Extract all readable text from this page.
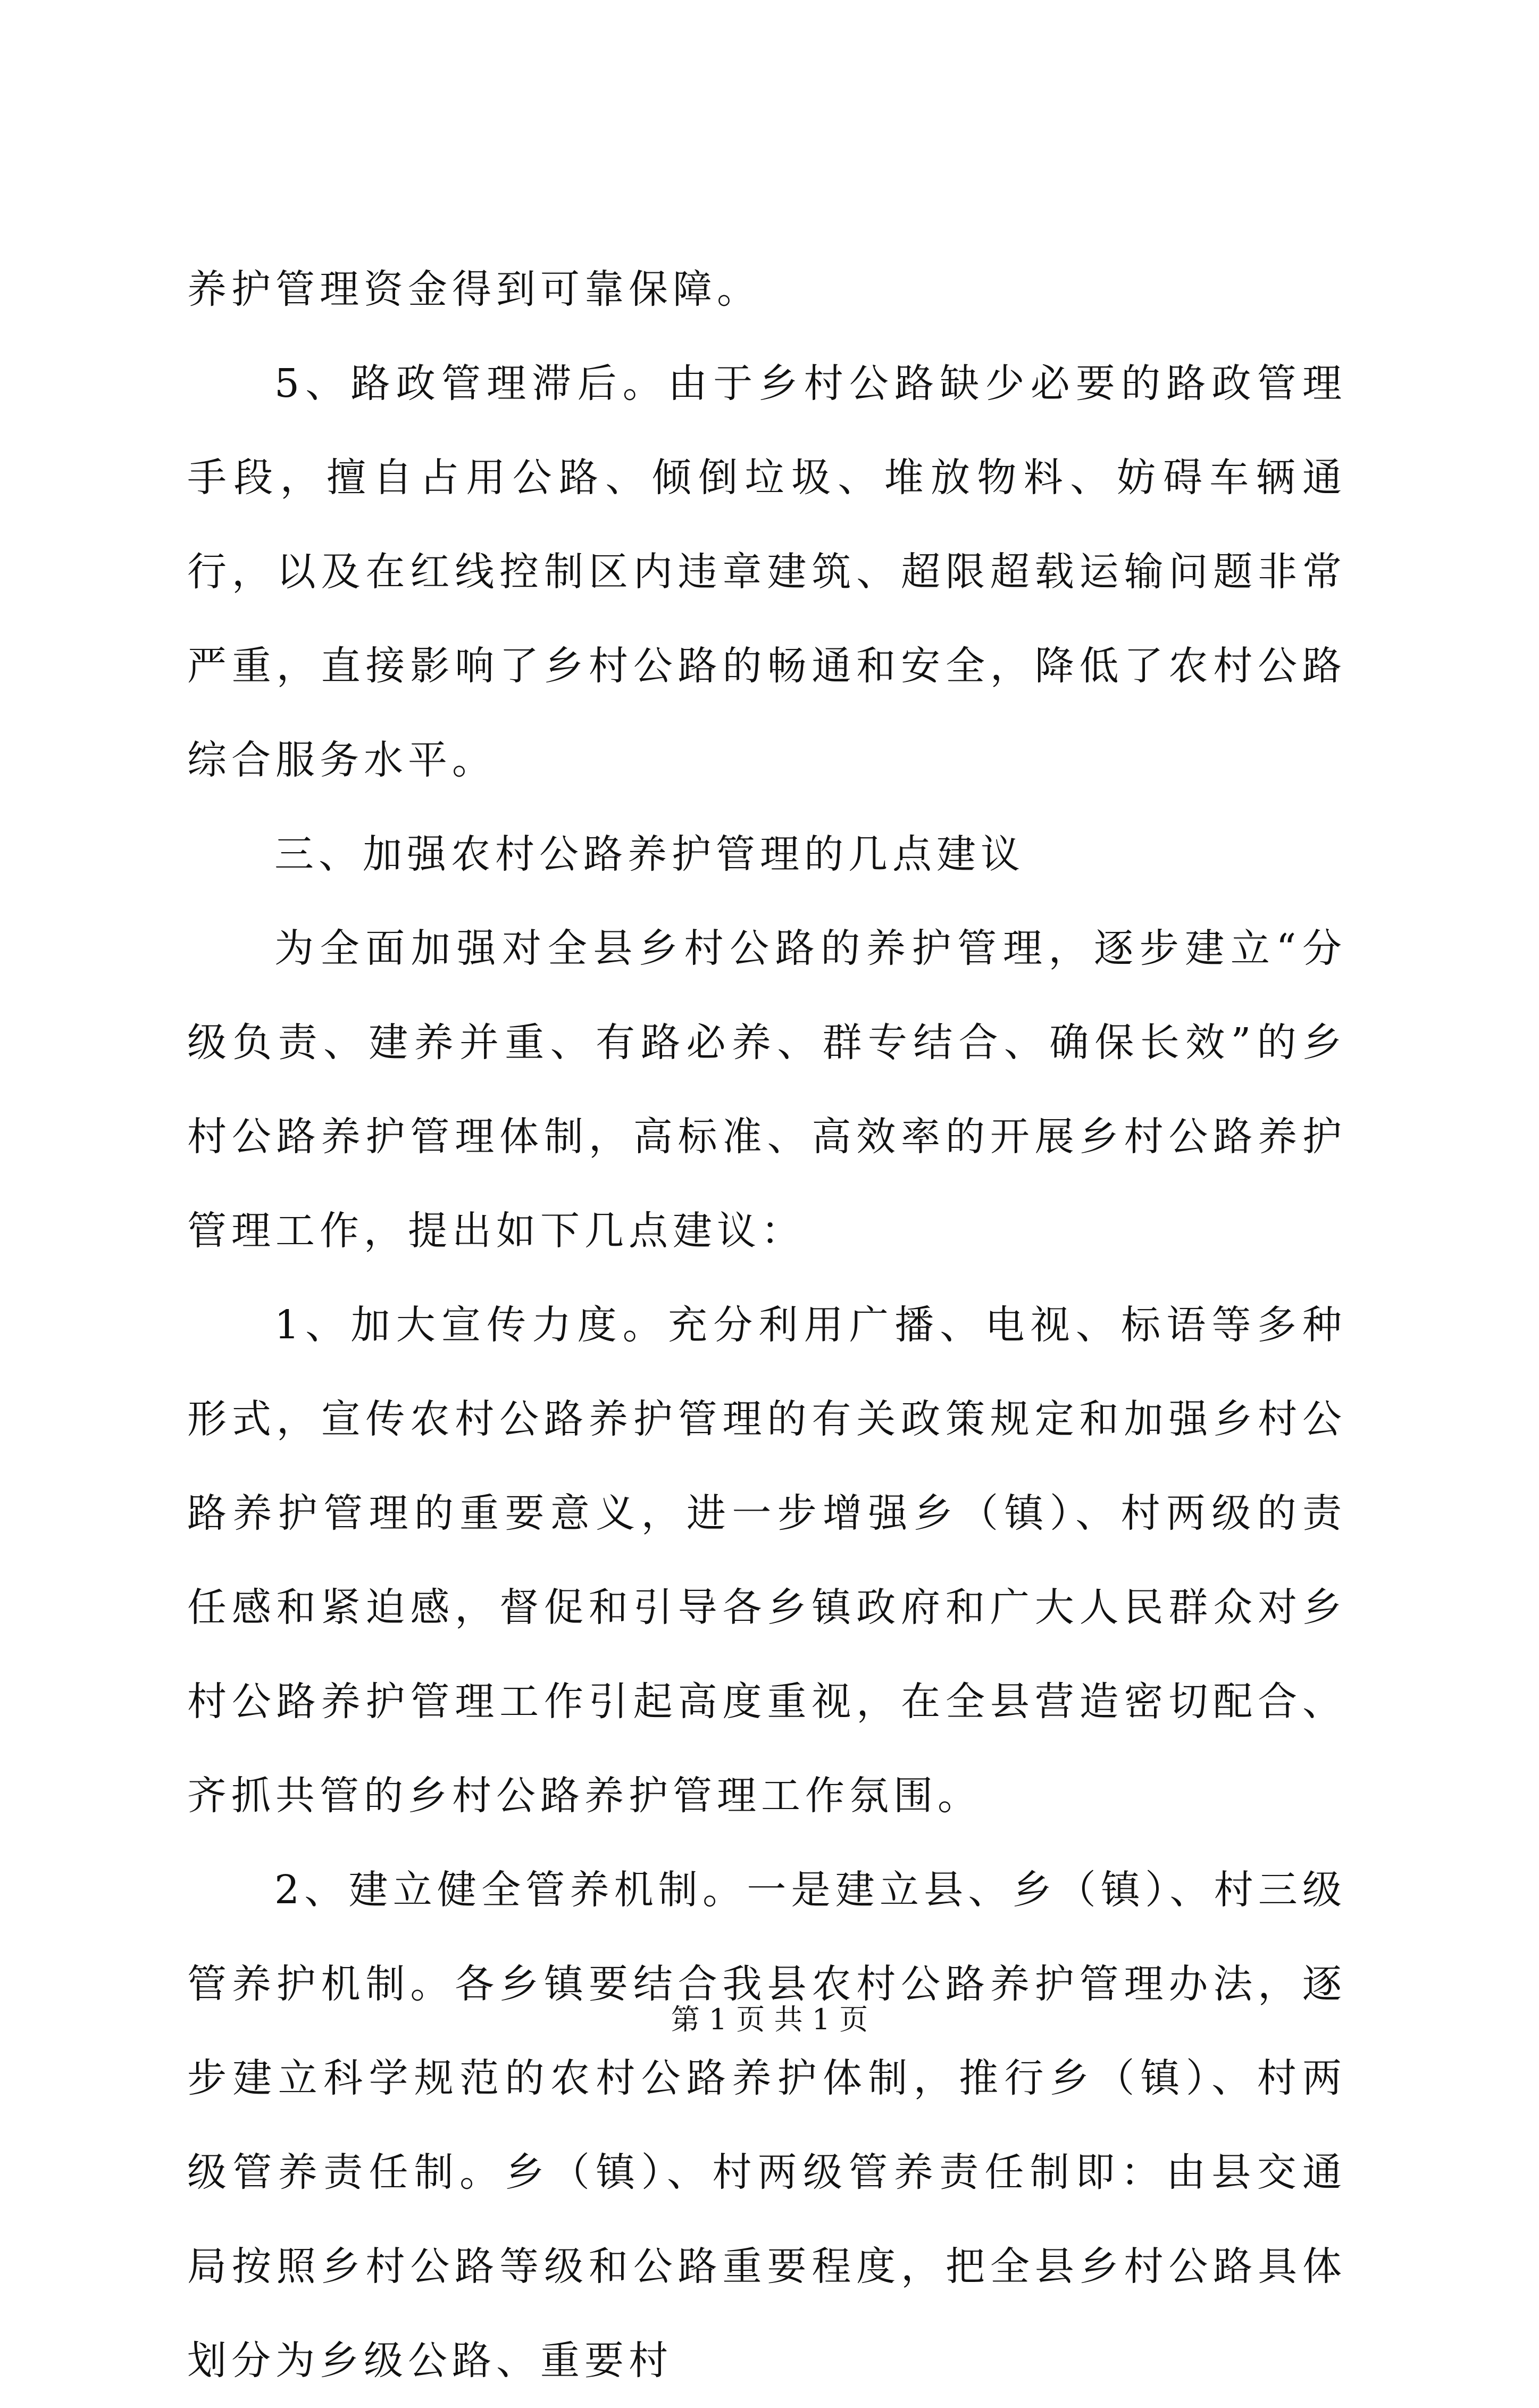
养护管理资金得到可靠保障。

5、路政管理滞后。由于乡村公路缺少必要的路政管理手段，擅自占用公路、倾倒垃圾、堆放物料、妨碍车辆通行，以及在红线控制区内违章建筑、超限超载运输问题非常严重，直接影响了乡村公路的畅通和安全，降低了农村公路综合服务水平。

三、加强农村公路养护管理的几点建议

为全面加强对全县乡村公路的养护管理，逐步建立“分级负责、建养并重、有路必养、群专结合、确保长效”的乡村公路养护管理体制，高标准、高效率的开展乡村公路养护管理工作，提出如下几点建议：

1、加大宣传力度。充分利用广播、电视、标语等多种形式，宣传农村公路养护管理的有关政策规定和加强乡村公路养护管理的重要意义，进一步增强乡（镇）、村两级的责任感和紧迫感，督促和引导各乡镇政府和广大人民群众对乡村公路养护管理工作引起高度重视，在全县营造密切配合、齐抓共管的乡村公路养护管理工作氛围。

2、建立健全管养机制。一是建立县、乡（镇）、村三级管养护机制。各乡镇要结合我县农村公路养护管理办法，逐步建立科学规范的农村公路养护体制，推行乡（镇）、村两级管养责任制。乡（镇）、村两级管养责任制即：由县交通局按照乡村公路等级和公路重要程度，把全县乡村公路具体划分为乡级公路、重要村

第 1 页 共 1 页
